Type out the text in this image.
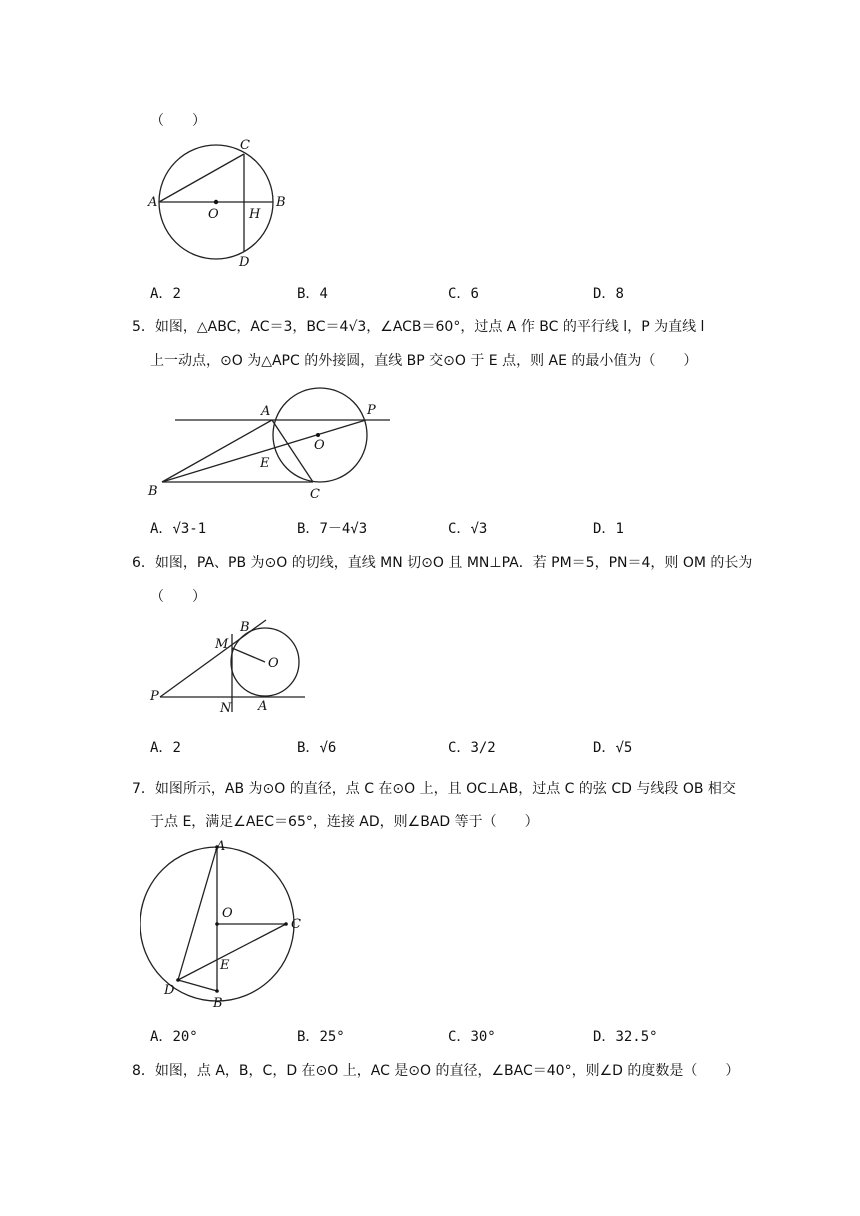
（　　）
A
C
O H
B
D
A．2	B．4	C．6	D．8
5．如图，△ABC，AC＝3，BC＝4√3，∠ACB＝60°，过点 A 作 BC 的平行线 l，P 为直线 l
上一动点，⊙O 为△APC 的外接圆，直线 BP 交⊙O 于 E 点，则 AE 的最小值为（　　）
A	P
O
E
B	C
A．√3-1	B．7－4√3	C．√3	D．1
6．如图，PA、PB 为⊙O 的切线，直线 MN 切⊙O 且 MN⊥PA．若 PM＝5，PN＝4，则 OM 的长为
（　　）
B
M
O
P
N A
A．2	B．√6	C．3/2	D．√5
7．如图所示，AB 为⊙O 的直径，点 C 在⊙O 上，且 OC⊥AB，过点 C 的弦 CD 与线段 OB 相交
于点 E，满足∠AEC＝65°，连接 AD，则∠BAD 等于（　　）
A
O
C
E
D
B
A．20°	B．25°	C．30°	D．32.5°
8．如图，点 A，B，C，D 在⊙O 上，AC 是⊙O 的直径，∠BAC＝40°，则∠D 的度数是（　　）
